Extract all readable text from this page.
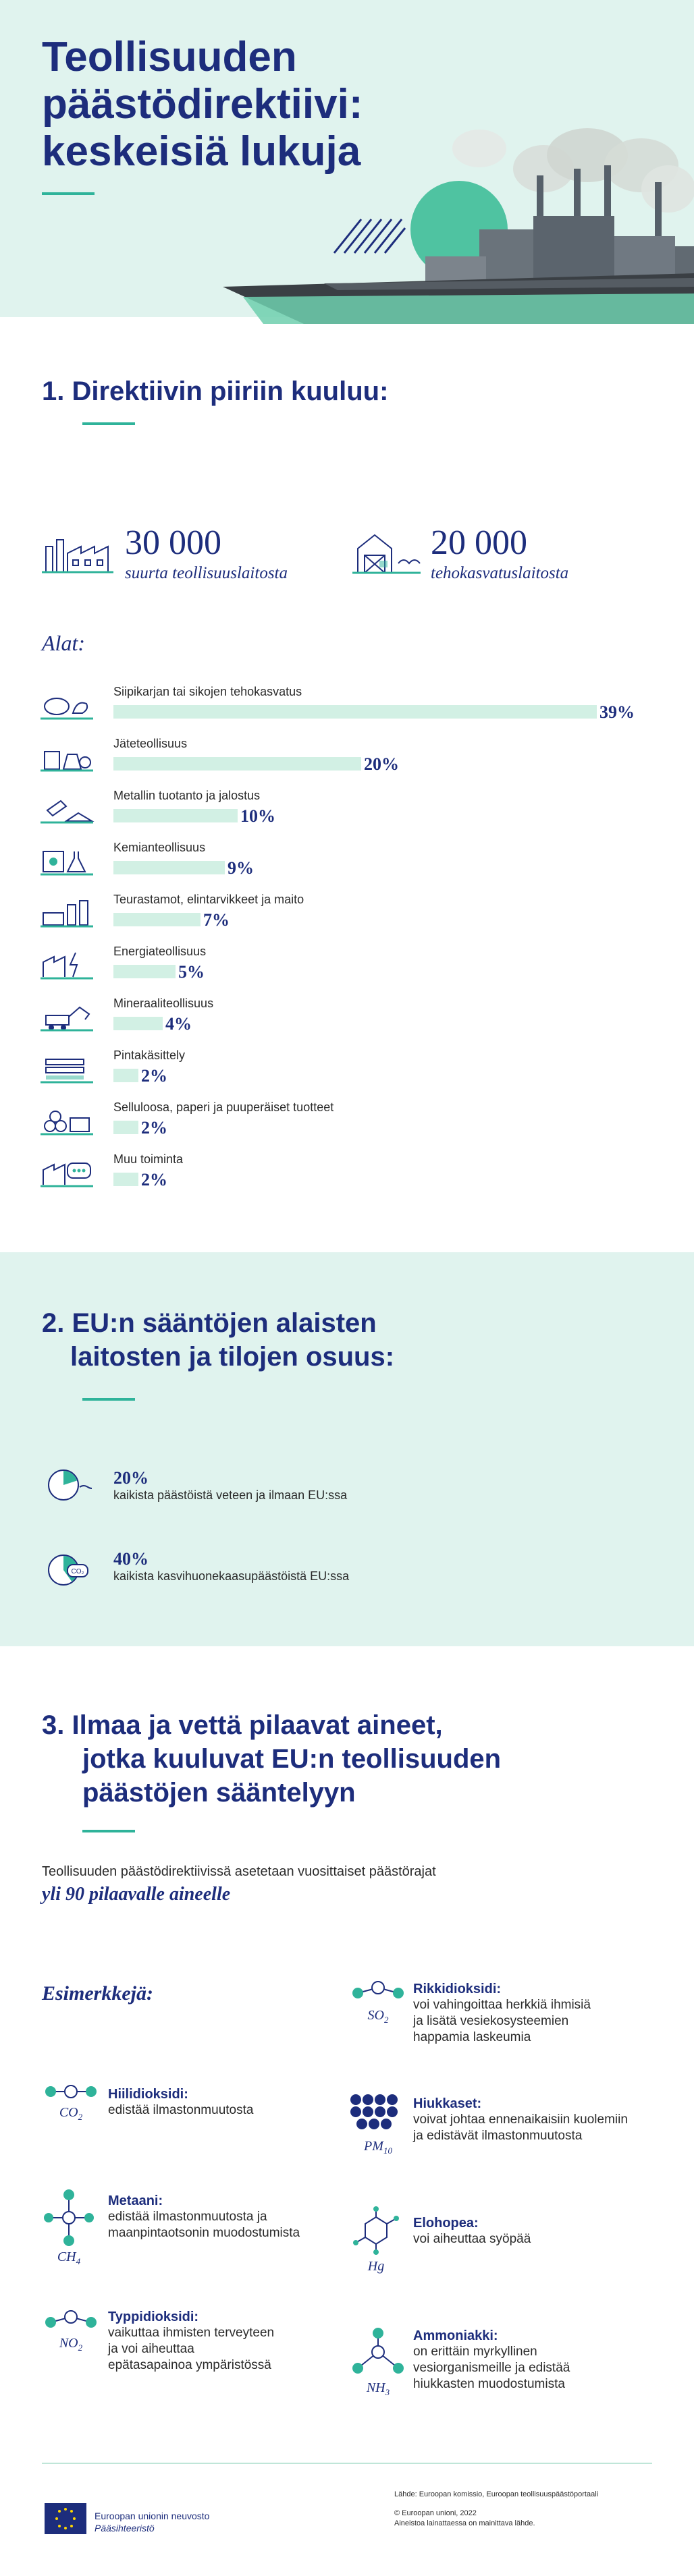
Teollisuuden
päästödirektiivi:
keskeisiä lukuja
1. Direktiivin piiriin kuuluu:
30 000
suurta teollisuuslaitosta
20 000
tehokasvatuslaitosta
Alat:
Siipikarjan tai sikojen tehokasvatus
39%
Jäteteollisuus
20%
Metallin tuotanto ja jalostus
10%
Kemianteollisuus
9%
Teurastamot, elintarvikkeet ja maito
7%
Energiateollisuus
5%
Mineraaliteollisuus
4%
Pintakäsittely
2%
Selluloosa, paperi ja puuperäiset tuotteet
2%
Muu toiminta
2%
2. EU:n sääntöjen alaisten
laitosten ja tilojen osuus:
20%
kaikista päästöistä veteen ja ilmaan EU:ssa
CO₂
40%
kaikista kasvihuonekaasupäästöistä EU:ssa
3. Ilmaa ja vettä pilaavat aineet,
jotka kuuluvat EU:n teollisuuden
päästöjen sääntelyyn
Teollisuuden päästödirektiivissä asetetaan vuosittaiset päästörajat
yli 90 pilaavalle aineelle
Esimerkkejä:
$SO_2$
Rikkidioksidi:
voi vahingoittaa herkkiä ihmisiä
ja lisätä vesiekosysteemien
happamia laskeumia
$CO_2$
Hiilidioksidi:
edistää ilmastonmuutosta
$PM_{10}$
Hiukkaset:
voivat johtaa ennenaikaisiin kuolemiin
ja edistävät ilmastonmuutosta
$CH_4$
Metaani:
edistää ilmastonmuutosta ja
maanpintaotsonin muodostumista
Hg
Elohopea:
voi aiheuttaa syöpää
$NO_2$
Typpidioksidi:
vaikuttaa ihmisten terveyteen
ja voi aiheuttaa
epätasapainoa ympäristössä
$NH_3$
Ammoniakki:
on erittäin myrkyllinen
vesiorganismeille ja edistää
hiukkasten muodostumista
Euroopan unionin neuvosto
Pääsihteeristö
Lähde: Euroopan komissio, Euroopan teollisuuspäästöportaali
© Euroopan unioni, 2022
Aineistoa lainattaessa on mainittava lähde.
